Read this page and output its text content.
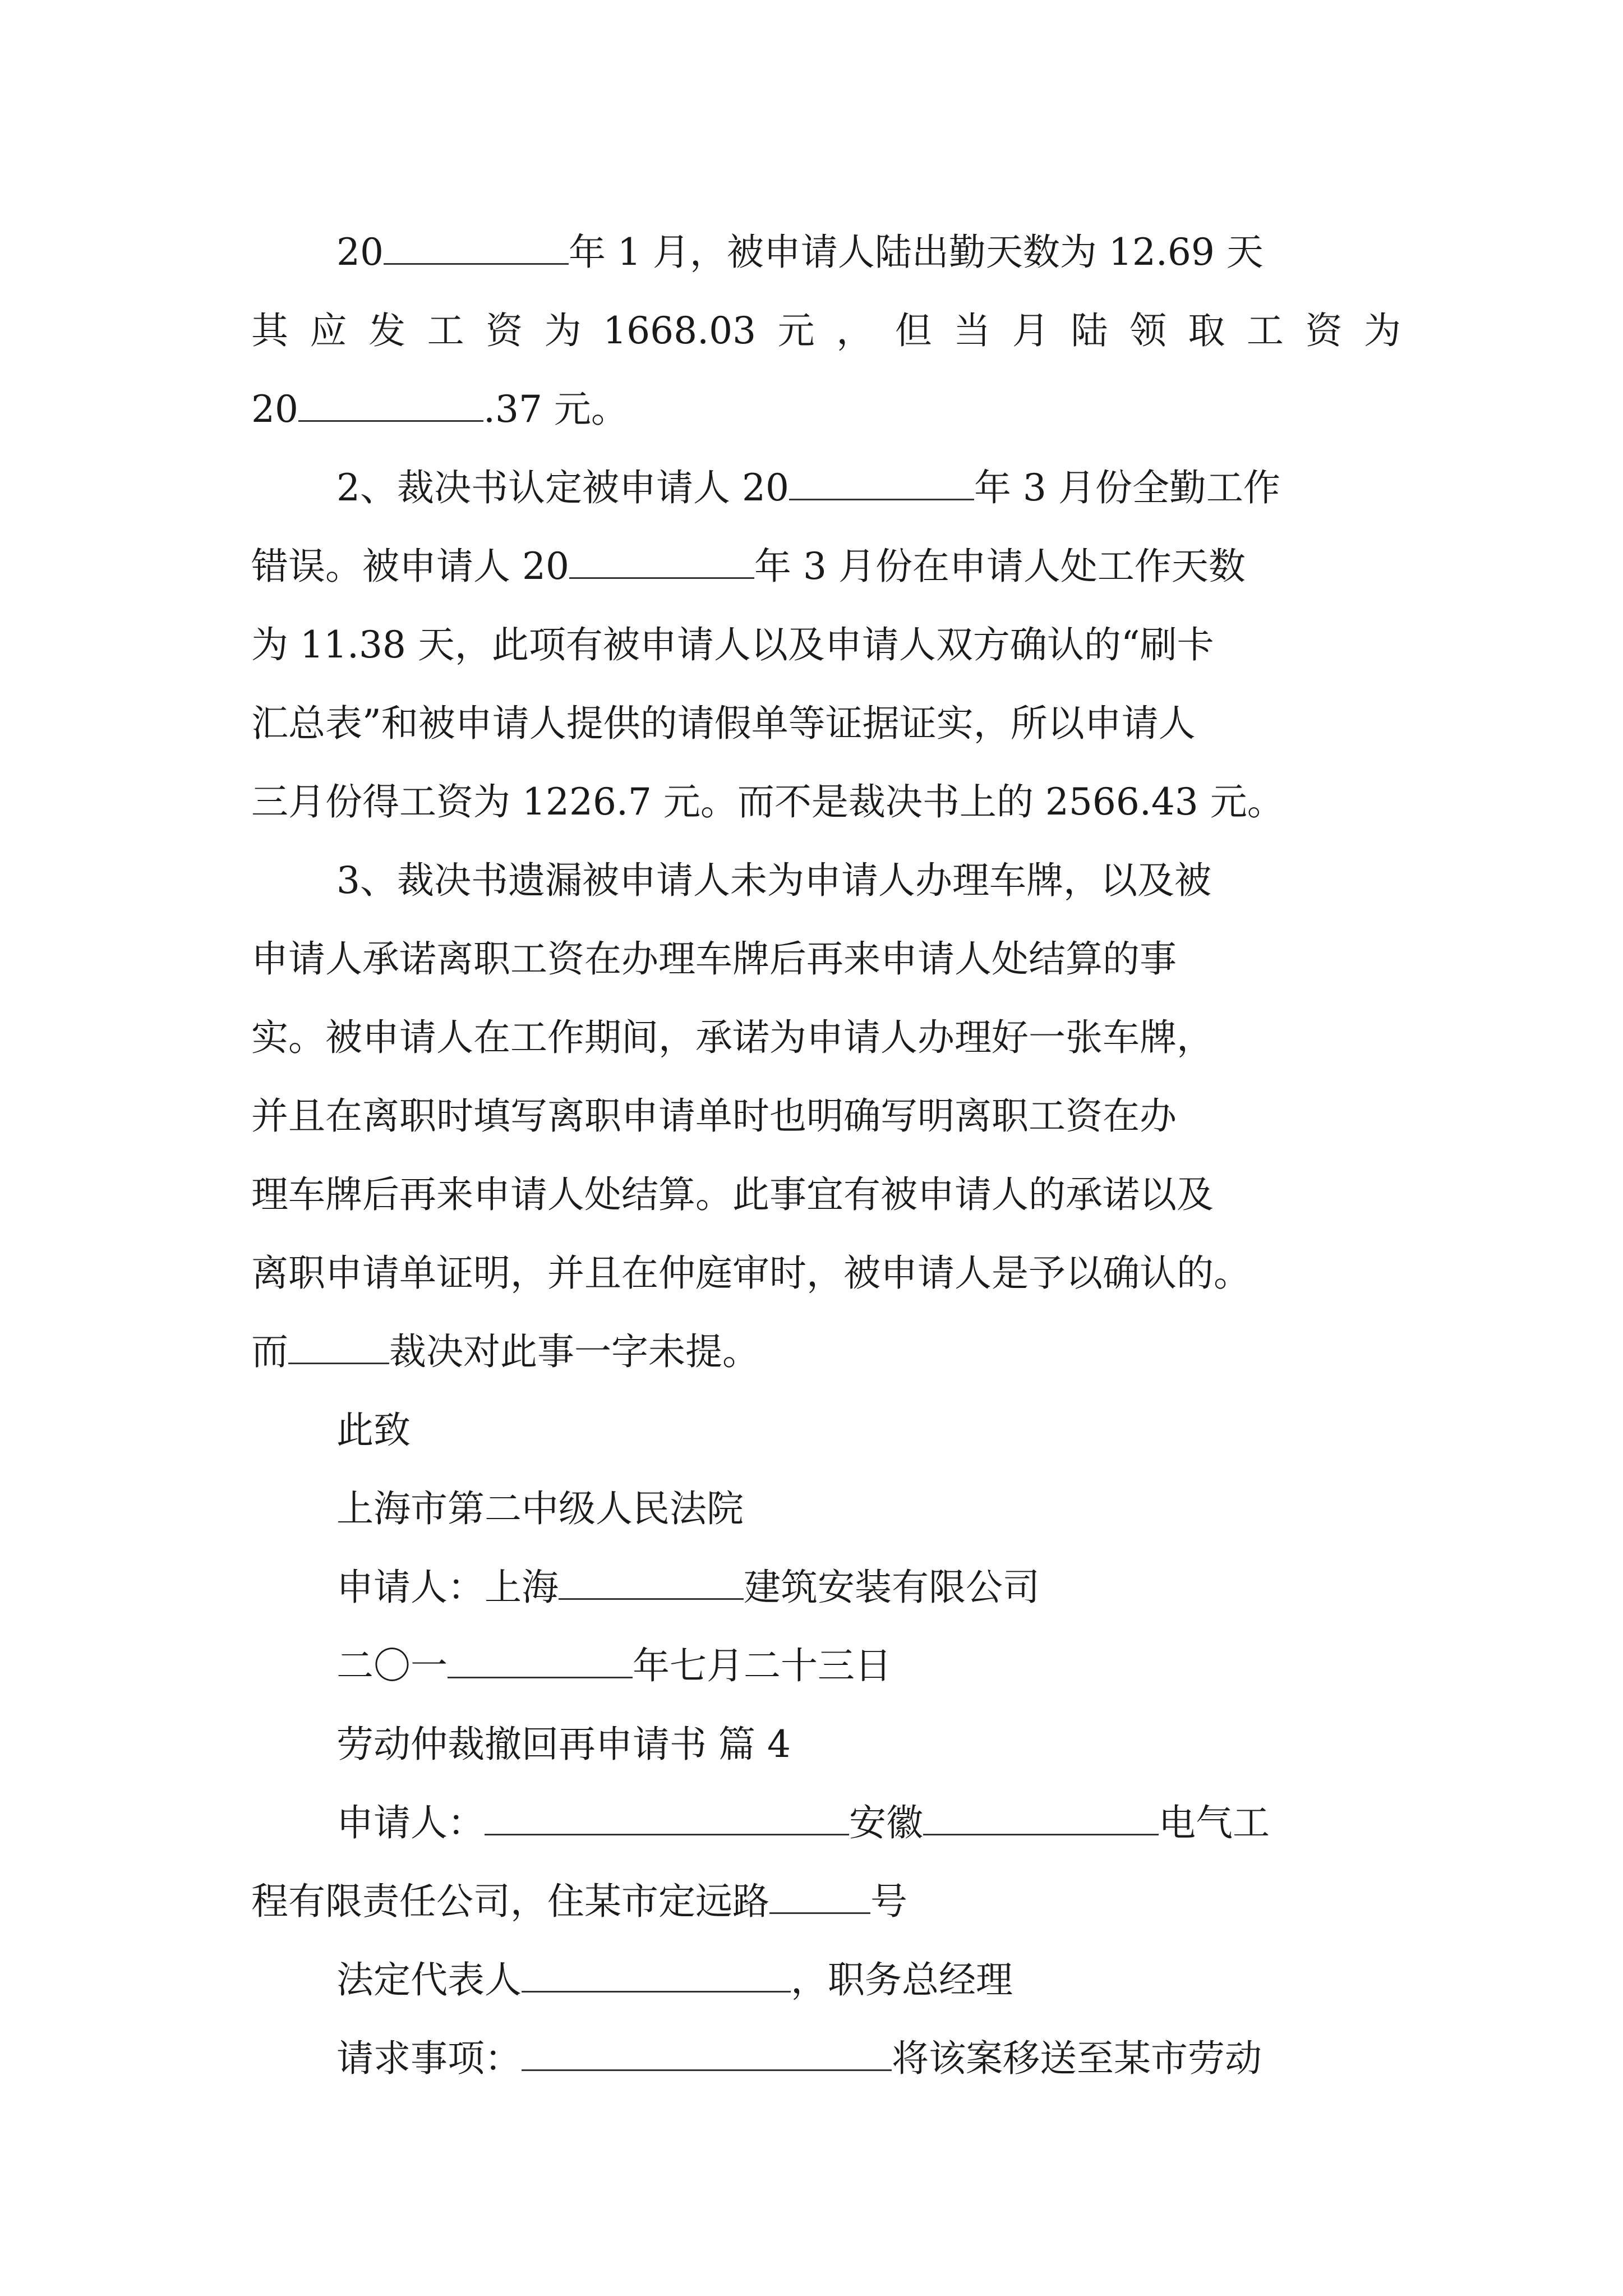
20	年 1 月，被申请人陆出勤天数为 12.69 天

其 应 发 工 资 为 1668.03 元 ， 但 当 月 陆 领 取 工 资 为

20	.37 元。

2、裁决书认定被申请人 20	年 3 月份全勤工作

错误。被申请人 20	年 3 月份在申请人处工作天数

为 11.38 天，此项有被申请人以及申请人双方确认的“刷卡

汇总表”和被申请人提供的请假单等证据证实，所以申请人

三月份得工资为 1226.7 元。而不是裁决书上的 2566.43 元。

3、裁决书遗漏被申请人未为申请人办理车牌，以及被

申请人承诺离职工资在办理车牌后再来申请人处结算的事

实。被申请人在工作期间，承诺为申请人办理好一张车牌，

并且在离职时填写离职申请单时也明确写明离职工资在办

理车牌后再来申请人处结算。此事宜有被申请人的承诺以及

离职申请单证明，并且在仲庭审时，被申请人是予以确认的。

而	裁决对此事一字未提。

此致

上海市第二中级人民法院

申请人：上海	建筑安装有限公司

二〇一	年七月二十三日

劳动仲裁撤回再申请书 篇 4

申请人：	安徽	电气工

程有限责任公司，住某市定远路	号

法定代表人	，职务总经理

请求事项：	将该案移送至某市劳动
